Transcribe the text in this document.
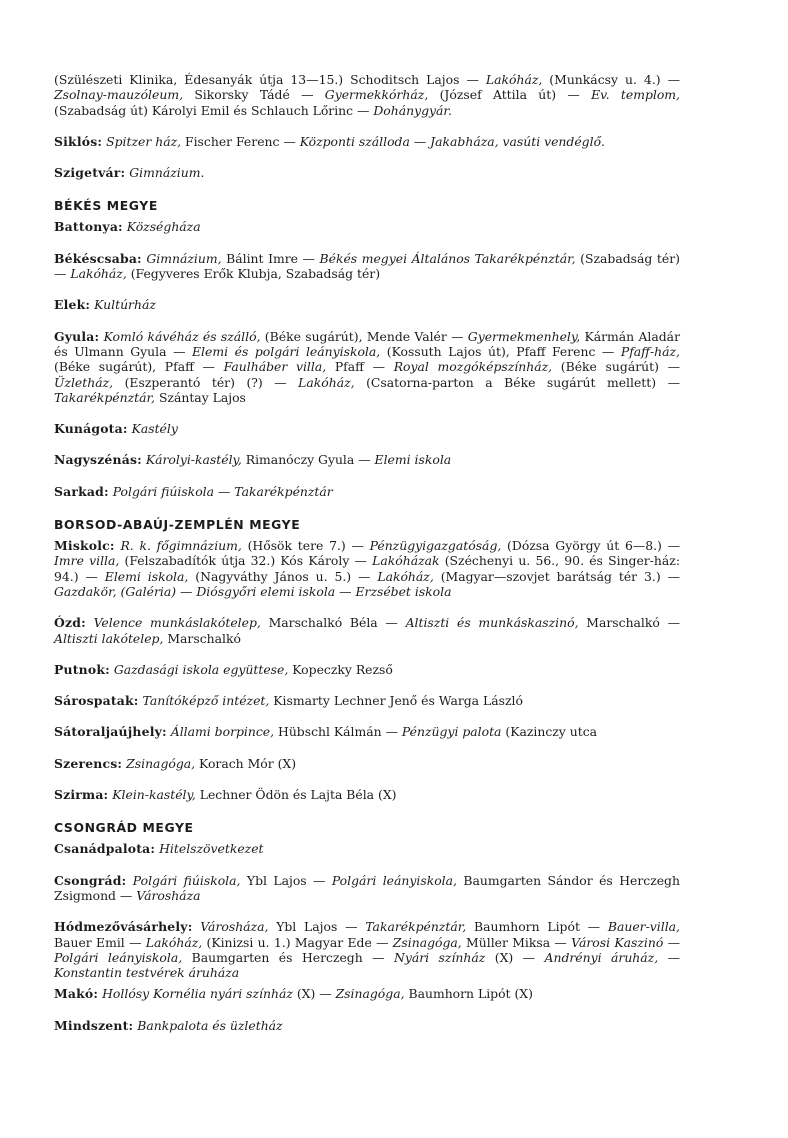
(Szülészeti Klinika, Édesanyák útja 13—15.) Schoditsch Lajos — Lakóház, (Munkácsy u. 4.) — Zsolnay-mauzóleum, Sikorsky Tádé — Gyermekkórház, (József Attila út) — Ev. templom, (Szabadság út) Károlyi Emil és Schlauch Lőrinc — Dohánygyár.

Siklós: Spitzer ház, Fischer Ferenc — Központi szálloda — Jakabháza, vasúti vendéglő.

Szigetvár: Gimnázium.

BÉKÉS MEGYE

Battonya: Községháza

Békéscsaba: Gimnázium, Bálint Imre — Békés megyei Általános Takarékpénztár, (Szabadság tér) — Lakóház, (Fegyveres Erők Klubja, Szabadság tér)

Elek: Kultúrház

Gyula: Komló kávéház és szálló, (Béke sugárút), Mende Valér — Gyermekmenhely, Kármán Aladár és Ulmann Gyula — Elemi és polgári leányiskola, (Kossuth Lajos út), Pfaff Ferenc — Pfaff-ház, (Béke sugárút), Pfaff — Faulháber villa, Pfaff — Royal mozgóképszínház, (Béke sugárút) — Üzletház, (Eszperantó tér) (?) — Lakóház, (Csatorna-parton a Béke sugárút mellett) — Takarékpénztár, Szántay Lajos

Kunágota: Kastély

Nagyszénás: Károlyi-kastély, Rimanóczy Gyula — Elemi iskola

Sarkad: Polgári fiúiskola — Takarékpénztár

BORSOD-ABAÚJ-ZEMPLÉN MEGYE

Miskolc: R. k. főgimnázium, (Hősök tere 7.) — Pénzügyigazgatóság, (Dózsa György út 6—8.) — Imre villa, (Felszabadítók útja 32.) Kós Károly — Lakóházak (Széchenyi u. 56., 90. és Singer-ház: 94.) — Elemi iskola, (Nagyváthy János u. 5.) — Lakóház, (Magyar—szovjet barátság tér 3.) — Gazdakör, (Galéria) — Diósgyőri elemi iskola — Erzsébet iskola

Ózd: Velence munkáslakótelep, Marschalkó Béla — Altiszti és munkáskaszinó, Marschalkó — Altiszti lakótelep, Marschalkó

Putnok: Gazdasági iskola együttese, Kopeczky Rezső

Sárospatak: Tanítóképző intézet, Kismarty Lechner Jenő és Warga László

Sátoraljaújhely: Állami borpince, Hübschl Kálmán — Pénzügyi palota (Kazinczy utca

Szerencs: Zsinagóga, Korach Mór (X)

Szirma: Klein-kastély, Lechner Ödön és Lajta Béla (X)

CSONGRÁD MEGYE

Csanádpalota: Hitelszövetkezet

Csongrád: Polgári fiúiskola, Ybl Lajos — Polgári leányiskola, Baumgarten Sándor és Herczegh Zsigmond — Városháza

Hódmezővásárhely: Városháza, Ybl Lajos — Takarékpénztár, Baumhorn Lipót — Bauer-villa, Bauer Emil — Lakóház, (Kinizsi u. 1.) Magyar Ede — Zsinagóga, Müller Miksa — Városi Kaszinó — Polgári leányiskola, Baumgarten és Herczegh — Nyári színház (X) — Andrényi áruház, — Konstantin testvérek áruháza

Makó: Hollósy Kornélia nyári színház (X) — Zsinagóga, Baumhorn Lipót (X)

Mindszent: Bankpalota és üzletház
